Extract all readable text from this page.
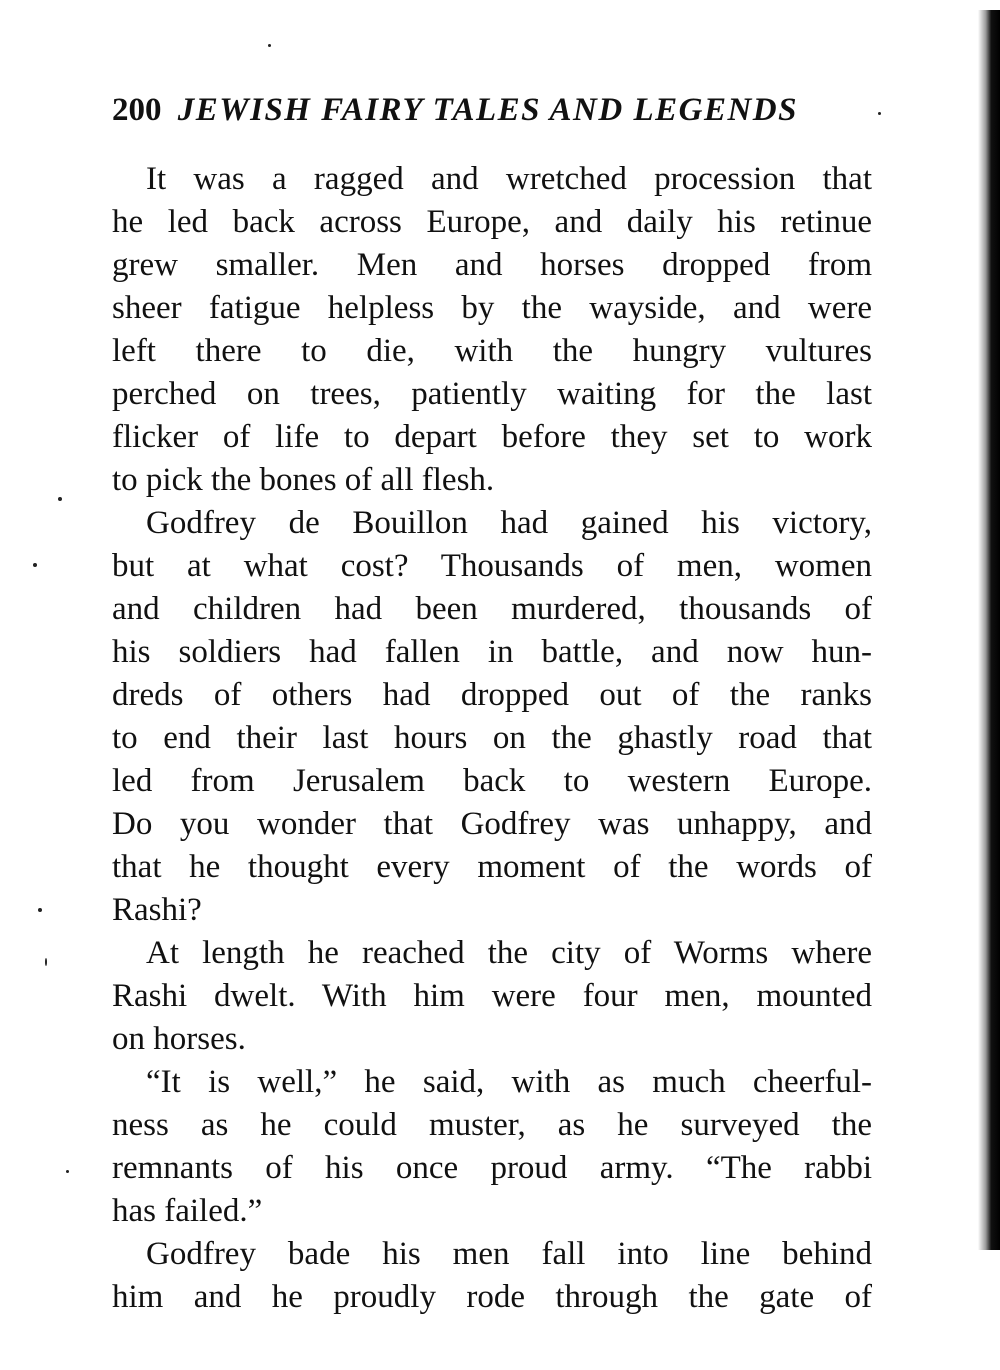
200 JEWISH FAIRY TALES AND LEGENDS
It was a ragged and wretched procession that
he led back across Europe, and daily his retinue
grew smaller. Men and horses dropped from
sheer fatigue helpless by the wayside, and were
left there to die, with the hungry vultures
perched on trees, patiently waiting for the last
flicker of life to depart before they set to work
to pick the bones of all flesh.
Godfrey de Bouillon had gained his victory,
but at what cost? Thousands of men, women
and children had been murdered, thousands of
his soldiers had fallen in battle, and now hun-
dreds of others had dropped out of the ranks
to end their last hours on the ghastly road that
led from Jerusalem back to western Europe.
Do you wonder that Godfrey was unhappy, and
that he thought every moment of the words of
Rashi?
At length he reached the city of Worms where
Rashi dwelt. With him were four men, mounted
on horses.
“It is well,” he said, with as much cheerful-
ness as he could muster, as he surveyed the
remnants of his once proud army. “The rabbi
has failed.”
Godfrey bade his men fall into line behind
him and he proudly rode through the gate of
